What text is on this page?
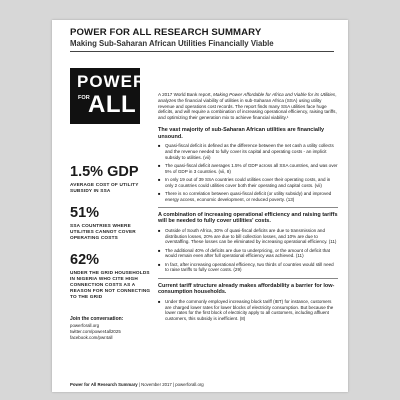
POWER FOR ALL RESEARCH SUMMARY
Making Sub-Saharan African Utilities Financially Viable
POWER
FOR
ALL
1.5% GDP
AVERAGE COST OF UTILITY SUBSIDY IN SSA
51%
SSA COUNTRIES WHERE UTILITIES CANNOT COVER OPERATING COSTS
62%
UNDER THE GRID HOUSEHOLDS IN NIGERIA WHO CITE HIGH CONNECTION COSTS AS A REASON FOR NOT CONNECTING TO THE GRID
Join the conversation:
powerforall.org
twitter.com/power4all2025
facebook.com/pwr4all

A 2017 World Bank report, Making Power Affordable for Africa and Viable for its Utilities, analyzes the financial viability of utilities in sub-Saharan Africa (SSA) using utility revenue and operations cost records. The report finds many SSA utilities face huge deficits, and will require a combination of increasing operational efficiency, raising tariffs, and optimizing their generation mix to achieve financial viability.¹

The vast majority of sub-Saharan African utilities are financially unsound.
■ Quasi-fiscal deficit is defined as the difference between the net cash a utility collects and the revenue needed to fully cover its capital and operating costs - an implicit subsidy to utilities. (vii)
■ The quasi-fiscal deficit averages 1.5% of GDP across all SSA countries, and was over 5% of GDP in 3 countries. (vii, 8)
■ In only 19 out of 39 SSA countries could utilities cover their operating costs, and in only 2 countries could utilities cover both their operating and capital costs. (vii)
■ There is no correlation between quasi-fiscal deficit (or utility subsidy) and improved energy access, economic development, or reduced poverty. (13)
A combination of increasing operational efficiency and raising tariffs will be needed to fully cover utilities' costs.
■ Outside of South Africa, 30% of quasi-fiscal deficits are due to transmission and distribution losses, 20% are due to bill collection losses, and 10% are due to overstaffing. These losses can be eliminated by increasing operational efficiency. (11)
■ The additional 40% of deficits are due to underpricing, or the amount of deficit that would remain even after full operational efficiency was achieved. (11)
■ In fact, after increasing operational efficiency, two thirds of countries would still need to raise tariffs to fully cover costs. (29)
Current tariff structure already makes affordability a barrier for low-consumption households.
■ Under the commonly employed increasing block tariff (IBT) for instance, customers are charged lower rates for lower blocks of electricity consumption. But because the lower rates for the first block of electricity apply to all customers, including affluent customers, this subsidy is inefficient. (8)
Power for All Research Summary | November 2017 | powerforall.org
